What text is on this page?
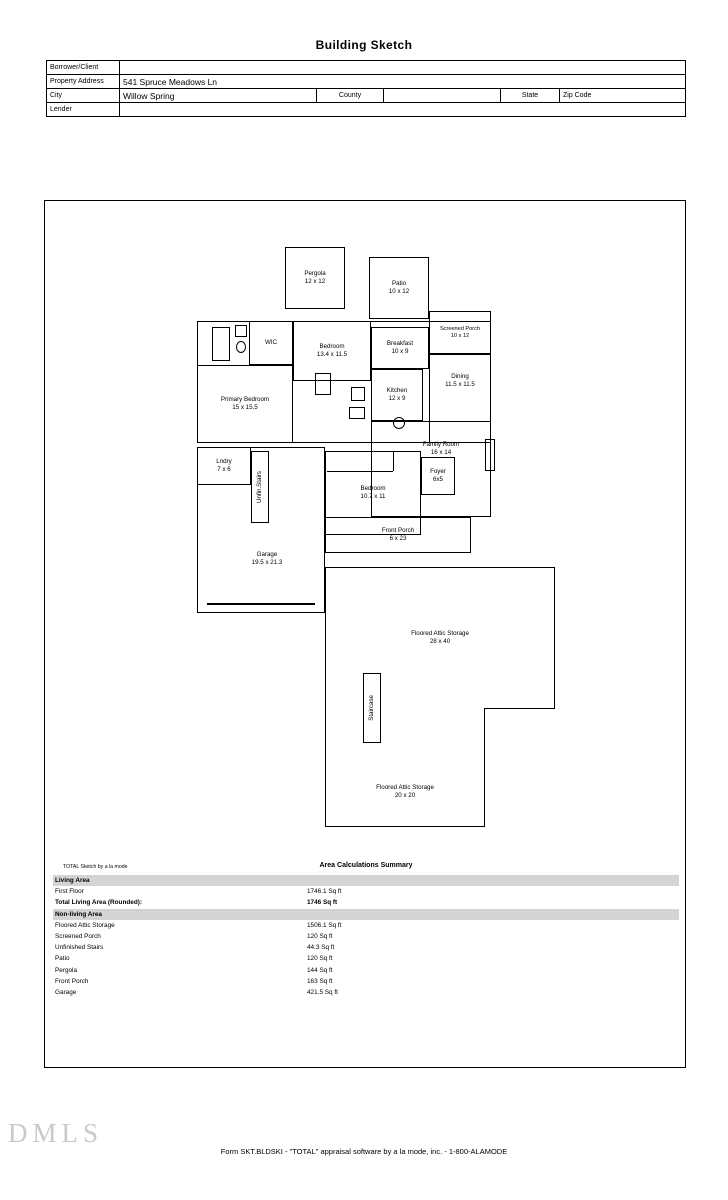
Building Sketch
Borrower/Client					
Property Address	541 Spruce Meadows Ln				
City	Willow Spring	County		State	Zip Code
Lender					
Pergola
12 x 12	Patio
10 x 12
Screened Porch
10 x 12
Dining
11.5 x 11.5
Bedroom
13.4 x 11.5
Breakfast
10 x 9
WIC
Primary Bedroom
15 x 15.5
Kitchen
12 x 9
Family Room
16 x 14
Lndry
7 x 6
Unfin.Stairs
Garage
19.5 x 21.3
Bedroom
10.7 x 11
Foyer
6x5
Front Porch
6 x 23
Floored Attic Storage
28 x 40
Floored Attic Storage
20 x 20
Staircase
TOTAL Sketch by a la mode	Area Calculations Summary
Living Area	
First Floor	1746.1 Sq ft
Total Living Area (Rounded):	1746 Sq ft
Non-living Area	
Floored Attic Storage	1506.1 Sq ft
Screened Porch	120 Sq ft
Unfinished Stairs	44.3 Sq ft
Patio	120 Sq ft
Pergola	144 Sq ft
Front Porch	163 Sq ft
Garage	421.5 Sq ft
DMLS
Form SKT.BLDSKI - "TOTAL" appraisal software by a la mode, inc. - 1-800-ALAMODE
